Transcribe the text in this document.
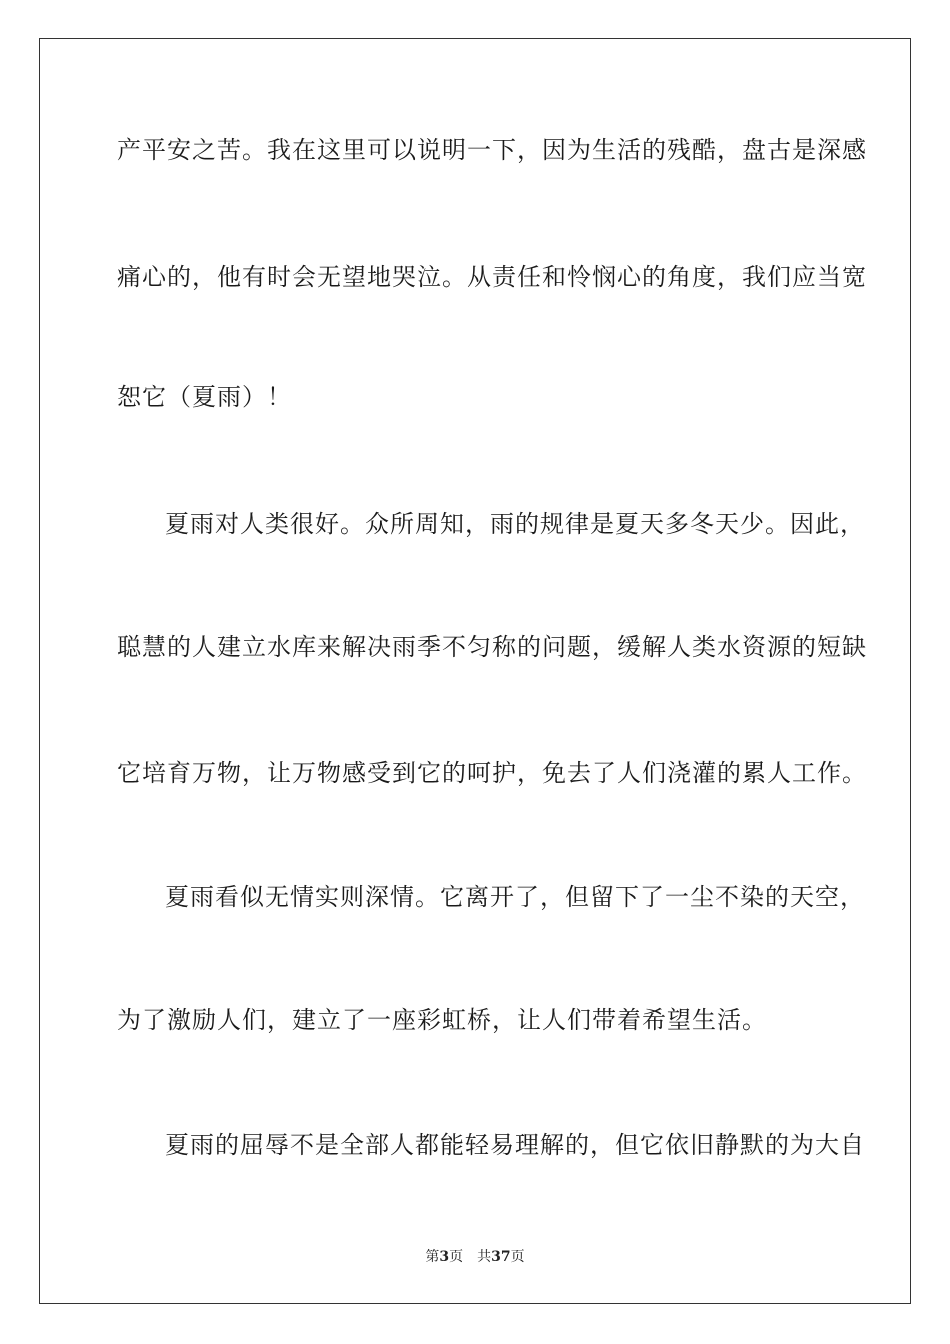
产平安之苦。我在这里可以说明一下，因为生活的残酷，盘古是深感
痛心的，他有时会无望地哭泣。从责任和怜悯心的角度，我们应当宽
恕它（夏雨）！
夏雨对人类很好。众所周知，雨的规律是夏天多冬天少。因此，
聪慧的人建立水库来解决雨季不匀称的问题，缓解人类水资源的短缺
它培育万物，让万物感受到它的呵护，免去了人们浇灌的累人工作。
夏雨看似无情实则深情。它离开了，但留下了一尘不染的天空，
为了激励人们，建立了一座彩虹桥，让人们带着希望生活。
夏雨的屈辱不是全部人都能轻易理解的，但它依旧静默的为大自
第3页 共37页
